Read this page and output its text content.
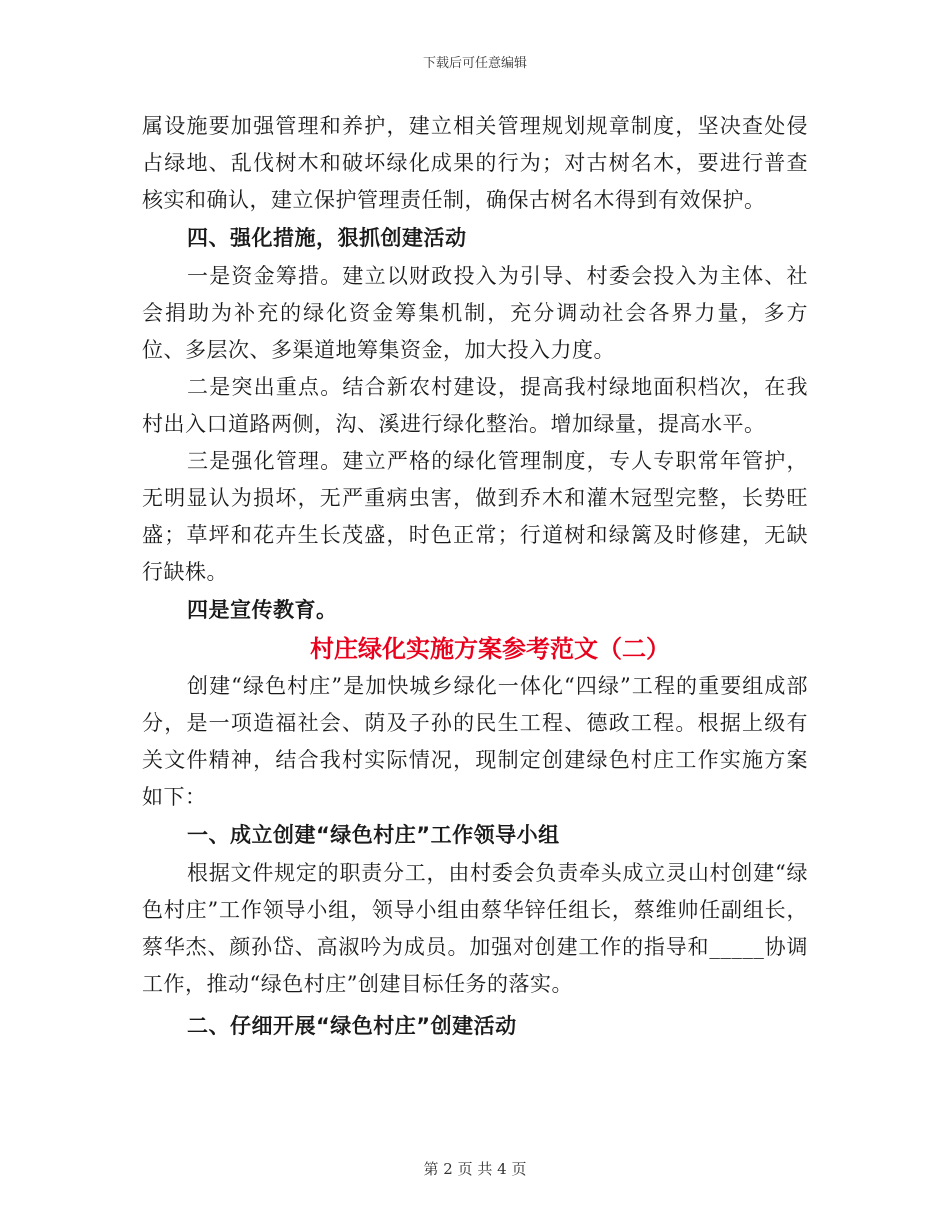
下载后可任意编辑

属设施要加强管理和养护，建立相关管理规划规章制度，坚决查处侵占绿地、乱伐树木和破坏绿化成果的行为；对古树名木，要进行普查核实和确认，建立保护管理责任制，确保古树名木得到有效保护。

四、强化措施，狠抓创建活动

一是资金筹措。建立以财政投入为引导、村委会投入为主体、社会捐助为补充的绿化资金筹集机制，充分调动社会各界力量，多方位、多层次、多渠道地筹集资金，加大投入力度。

二是突出重点。结合新农村建设，提高我村绿地面积档次，在我村出入口道路两侧，沟、溪进行绿化整治。增加绿量，提高水平。

三是强化管理。建立严格的绿化管理制度，专人专职常年管护，无明显认为损坏，无严重病虫害，做到乔木和灌木冠型完整，长势旺盛；草坪和花卉生长茂盛，时色正常；行道树和绿篱及时修建，无缺行缺株。

四是宣传教育。

村庄绿化实施方案参考范文（二）

创建“绿色村庄”是加快城乡绿化一体化“四绿”工程的重要组成部分，是一项造福社会、荫及子孙的民生工程、德政工程。根据上级有关文件精神，结合我村实际情况，现制定创建绿色村庄工作实施方案如下：

一、成立创建“绿色村庄”工作领导小组

根据文件规定的职责分工，由村委会负责牵头成立灵山村创建“绿色村庄”工作领导小组，领导小组由蔡华锌任组长，蔡维帅任副组长，蔡华杰、颜孙岱、高淑吟为成员。加强对创建工作的指导和_____协调工作，推动“绿色村庄”创建目标任务的落实。

二、仔细开展“绿色村庄”创建活动

第 2 页 共 4 页
